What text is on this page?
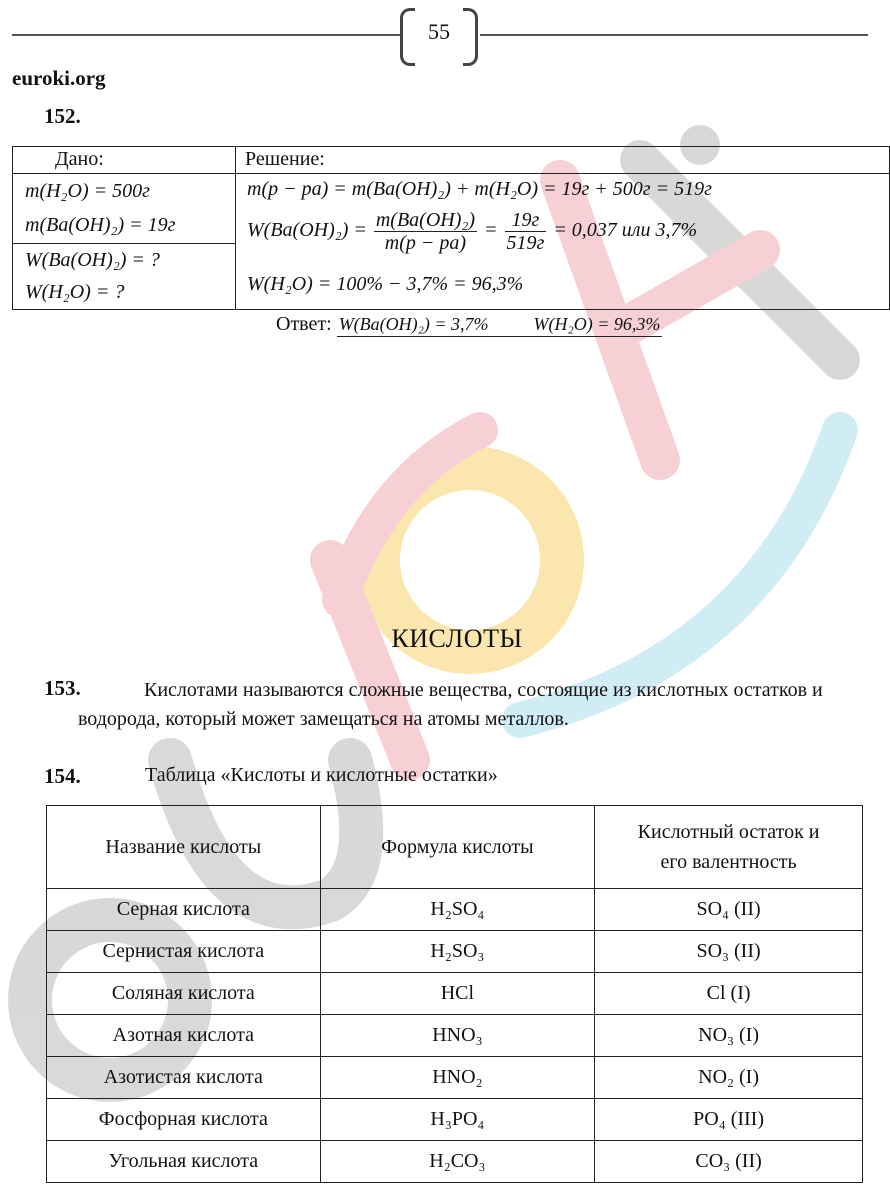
55
euroki.org
152.
Дано:	Решение:
m(H₂O) = 500г
m(Ba(OH)₂) = 19г
W(Ba(OH)₂) = ?
W(H₂O) = ?
m(p − pa) = m(Ba(OH)₂) + m(H₂O) = 19г + 500г = 519г
$W(Ba(OH)_2) = \frac{\text{m(Ba(OH)₂)}}{m(p - pa)} = \frac{19г}{519г} = 0,037$ или 3,7%
W(H₂O) = 100% − 3,7% = 96,3%
Ответ: W(Ba(OH)₂) = 3,7%          W(H₂O) = 96,3%
КИСЛОТЫ
153.	Кислотами называются сложные вещества, состоящие из кислотных остатков и водорода, который может замещаться на атомы металлов.
154.	Таблица «Кислоты и кислотные остатки»
Название кислоты	Формула кислоты	Кислотный остаток и его валентность
Серная кислота	H₂SO₄	SO₄ (II)
Сернистая кислота	H₂SO₃	SO₃ (II)
Соляная кислота	HCl	Cl (I)
Азотная кислота	HNO₃	NO₃ (I)
Азотистая кислота	HNO₂	NO₂ (I)
Фосфорная кислота	H₃PO₄	PO₄ (III)
Угольная кислота	H₂CO₃	CO₃ (II)
